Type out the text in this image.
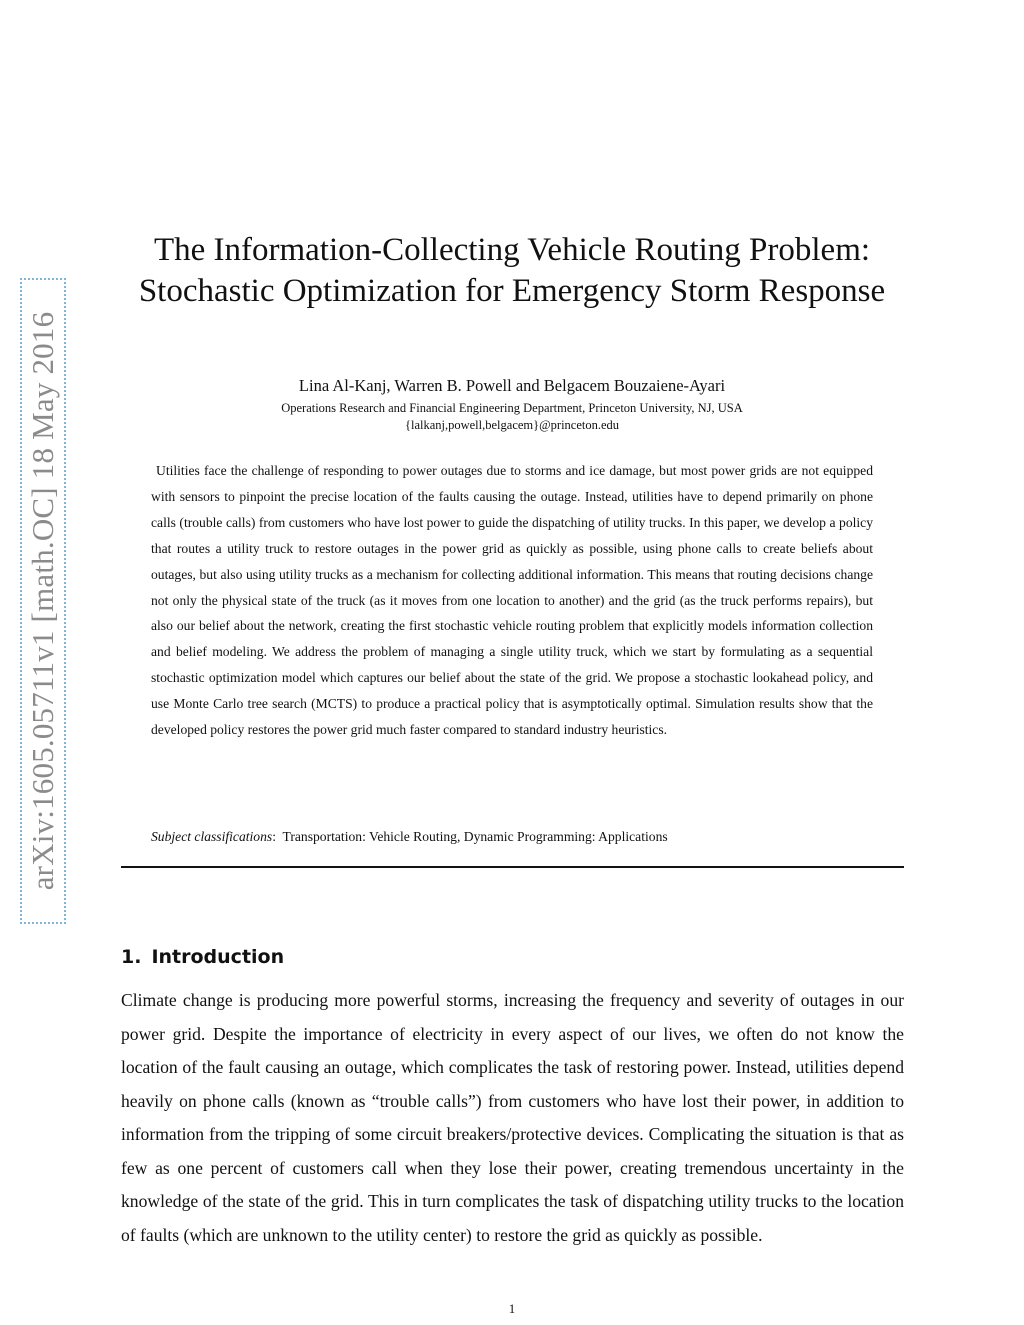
arXiv:1605.05711v1 [math.OC] 18 May 2016
The Information-Collecting Vehicle Routing Problem: Stochastic Optimization for Emergency Storm Response
Lina Al-Kanj, Warren B. Powell and Belgacem Bouzaiene-Ayari
Operations Research and Financial Engineering Department, Princeton University, NJ, USA
{lalkanj,powell,belgacem}@princeton.edu

Utilities face the challenge of responding to power outages due to storms and ice damage, but most power grids are not equipped with sensors to pinpoint the precise location of the faults causing the outage. Instead, utilities have to depend primarily on phone calls (trouble calls) from customers who have lost power to guide the dispatching of utility trucks. In this paper, we develop a policy that routes a utility truck to restore outages in the power grid as quickly as possible, using phone calls to create beliefs about outages, but also using utility trucks as a mechanism for collecting additional information. This means that routing decisions change not only the physical state of the truck (as it moves from one location to another) and the grid (as the truck performs repairs), but also our belief about the network, creating the first stochastic vehicle routing problem that explicitly models information collection and belief modeling. We address the problem of managing a single utility truck, which we start by formulating as a sequential stochastic optimization model which captures our belief about the state of the grid. We propose a stochastic lookahead policy, and use Monte Carlo tree search (MCTS) to produce a practical policy that is asymptotically optimal. Simulation results show that the developed policy restores the power grid much faster compared to standard industry heuristics.

Subject classifications:  Transportation: Vehicle Routing, Dynamic Programming: Applications
1. Introduction

Climate change is producing more powerful storms, increasing the frequency and severity of outages in our power grid. Despite the importance of electricity in every aspect of our lives, we often do not know the location of the fault causing an outage, which complicates the task of restoring power. Instead, utilities depend heavily on phone calls (known as “trouble calls”) from customers who have lost their power, in addition to information from the tripping of some circuit breakers/protective devices. Complicating the situation is that as few as one percent of customers call when they lose their power, creating tremendous uncertainty in the knowledge of the state of the grid. This in turn complicates the task of dispatching utility trucks to the location of faults (which are unknown to the utility center) to restore the grid as quickly as possible.

1
